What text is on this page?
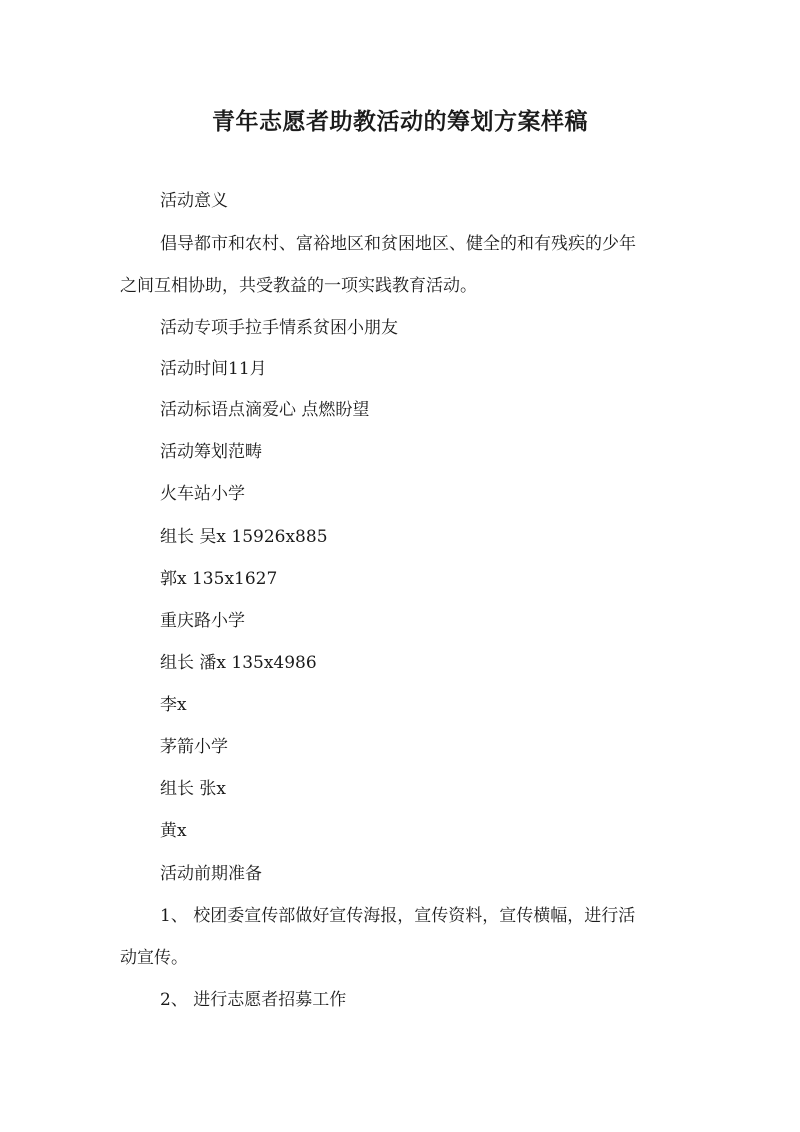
青年志愿者助教活动的筹划方案样稿
活动意义
倡导都市和农村、富裕地区和贫困地区、健全的和有残疾的少年
之间互相协助，共受教益的一项实践教育活动。
活动专项手拉手情系贫困小朋友
活动时间11月
活动标语点滴爱心 点燃盼望
活动筹划范畴
火车站小学
组长 吴x 15926x885
郭x 135x1627
重庆路小学
组长 潘x 135x4986
李x
茅箭小学
组长 张x
黄x
活动前期准备
1、 校团委宣传部做好宣传海报，宣传资料，宣传横幅，进行活
动宣传。
2、 进行志愿者招募工作
